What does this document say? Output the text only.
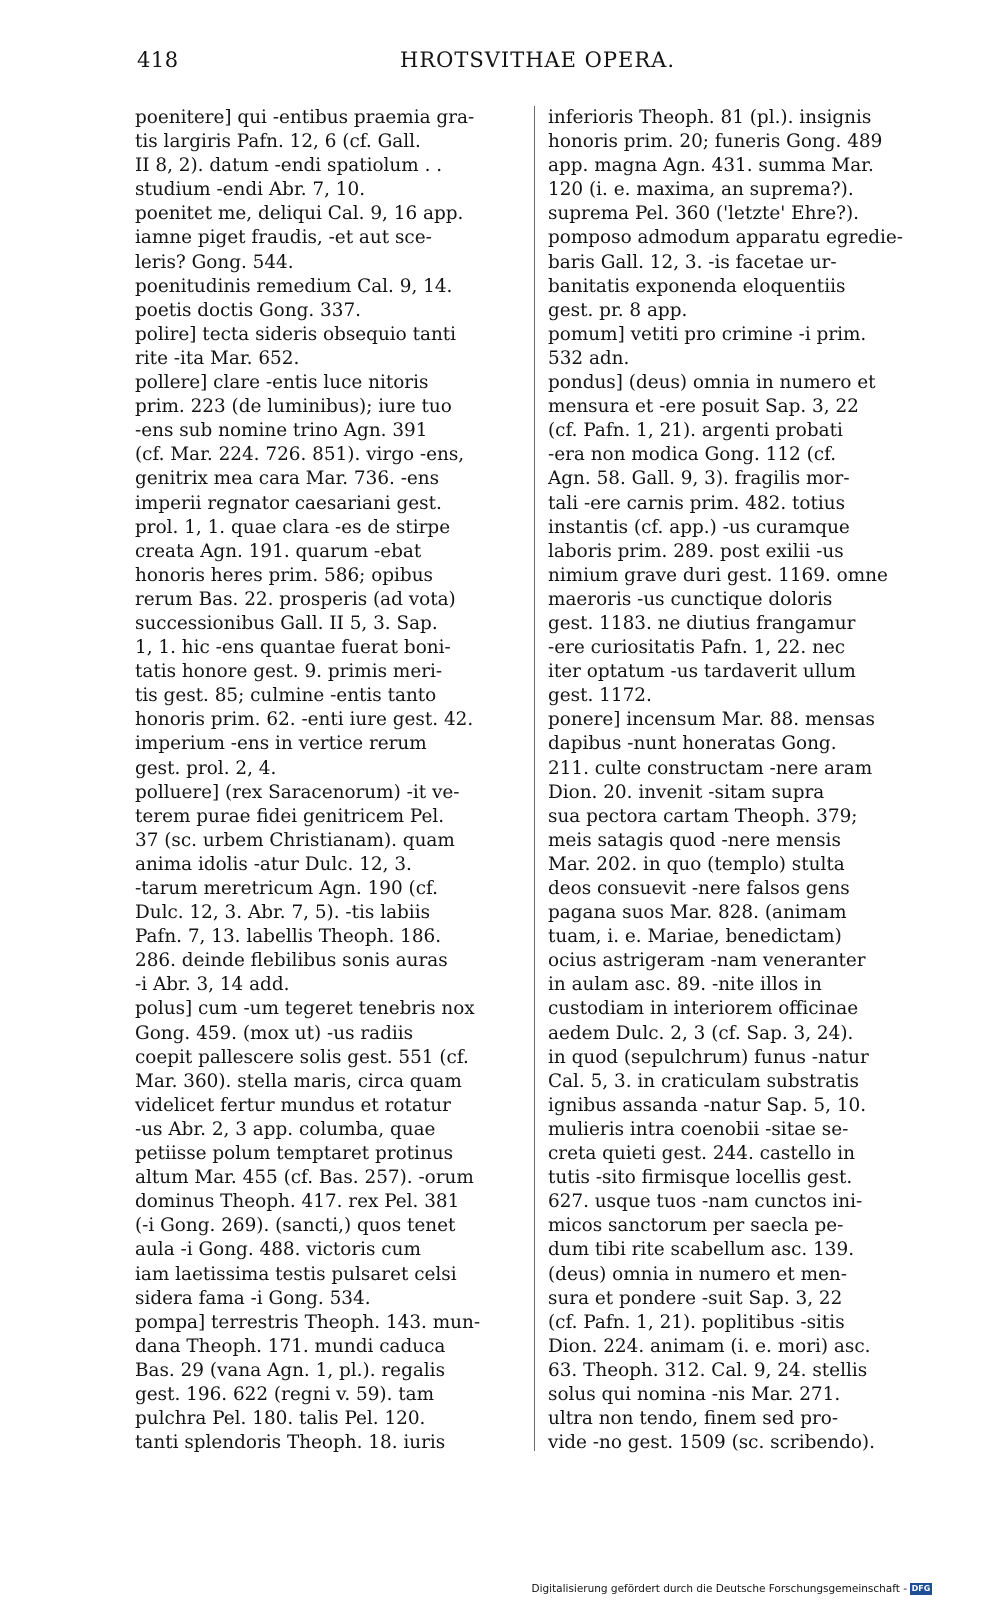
418	HROTSVITHAE OPERA.
poenitere] qui -entibus praemia gra-
tis largiris Pafn. 12, 6 (cf. Gall.
II 8, 2). datum -endi spatiolum . .
studium -endi Abr. 7, 10.
poenitet me, deliqui Cal. 9, 16 app.
iamne piget fraudis, -et aut sce-
leris? Gong. 544.
poenitudinis remedium Cal. 9, 14.
poetis doctis Gong. 337.
polire] tecta sideris obsequio tanti
rite -ita Mar. 652.
pollere] clare -entis luce nitoris
prim. 223 (de luminibus); iure tuo
-ens sub nomine trino Agn. 391
(cf. Mar. 224. 726. 851). virgo -ens,
genitrix mea cara Mar. 736. -ens
imperii regnator caesariani gest.
prol. 1, 1. quae clara -es de stirpe
creata Agn. 191. quarum -ebat
honoris heres prim. 586; opibus
rerum Bas. 22. prosperis (ad vota)
successionibus Gall. II 5, 3. Sap.
1, 1. hic -ens quantae fuerat boni-
tatis honore gest. 9. primis meri-
tis gest. 85; culmine -entis tanto
honoris prim. 62. -enti iure gest. 42.
imperium -ens in vertice rerum
gest. prol. 2, 4.
polluere] (rex Saracenorum) -it ve-
terem purae fidei genitricem Pel.
37 (sc. urbem Christianam). quam
anima idolis -atur Dulc. 12, 3.
-tarum meretricum Agn. 190 (cf.
Dulc. 12, 3. Abr. 7, 5). -tis labiis
Pafn. 7, 13. labellis Theoph. 186.
286. deinde flebilibus sonis auras
-i Abr. 3, 14 add.
polus] cum -um tegeret tenebris nox
Gong. 459. (mox ut) -us radiis
coepit pallescere solis gest. 551 (cf.
Mar. 360). stella maris, circa quam
videlicet fertur mundus et rotatur
-us Abr. 2, 3 app. columba, quae
petiisse polum temptaret protinus
altum Mar. 455 (cf. Bas. 257). -orum
dominus Theoph. 417. rex Pel. 381
(-i Gong. 269). (sancti,) quos tenet
aula -i Gong. 488. victoris cum
iam laetissima testis pulsaret celsi
sidera fama -i Gong. 534.
pompa] terrestris Theoph. 143. mun-
dana Theoph. 171. mundi caduca
Bas. 29 (vana Agn. 1, pl.). regalis
gest. 196. 622 (regni v. 59). tam
pulchra Pel. 180. talis Pel. 120.
tanti splendoris Theoph. 18. iuris
inferioris Theoph. 81 (pl.). insignis
honoris prim. 20; funeris Gong. 489
app. magna Agn. 431. summa Mar.
120 (i. e. maxima, an suprema?).
suprema Pel. 360 ('letzte' Ehre?).
pomposo admodum apparatu egredie-
baris Gall. 12, 3. -is facetae ur-
banitatis exponenda eloquentiis
gest. pr. 8 app.
pomum] vetiti pro crimine -i prim.
532 adn.
pondus] (deus) omnia in numero et
mensura et -ere posuit Sap. 3, 22
(cf. Pafn. 1, 21). argenti probati
-era non modica Gong. 112 (cf.
Agn. 58. Gall. 9, 3). fragilis mor-
tali -ere carnis prim. 482. totius
instantis (cf. app.) -us curamque
laboris prim. 289. post exilii -us
nimium grave duri gest. 1169. omne
maeroris -us cunctique doloris
gest. 1183. ne diutius frangamur
-ere curiositatis Pafn. 1, 22. nec
iter optatum -us tardaverit ullum
gest. 1172.
ponere] incensum Mar. 88. mensas
dapibus -nunt honeratas Gong.
211. culte constructam -nere aram
Dion. 20. invenit -sitam supra
sua pectora cartam Theoph. 379;
meis satagis quod -nere mensis
Mar. 202. in quo (templo) stulta
deos consuevit -nere falsos gens
pagana suos Mar. 828. (animam
tuam, i. e. Mariae, benedictam)
ocius astrigeram -nam veneranter
in aulam asc. 89. -nite illos in
custodiam in interiorem officinae
aedem Dulc. 2, 3 (cf. Sap. 3, 24).
in quod (sepulchrum) funus -natur
Cal. 5, 3. in craticulam substratis
ignibus assanda -natur Sap. 5, 10.
mulieris intra coenobii -sitae se-
creta quieti gest. 244. castello in
tutis -sito firmisque locellis gest.
627. usque tuos -nam cunctos ini-
micos sanctorum per saecla pe-
dum tibi rite scabellum asc. 139.
(deus) omnia in numero et men-
sura et pondere -suit Sap. 3, 22
(cf. Pafn. 1, 21). poplitibus -sitis
Dion. 224. animam (i. e. mori) asc.
63. Theoph. 312. Cal. 9, 24. stellis
solus qui nomina -nis Mar. 271.
ultra non tendo, finem sed pro-
vide -no gest. 1509 (sc. scribendo).
Digitalisierung gefördert durch die Deutsche Forschungsgemeinschaft - DFG
